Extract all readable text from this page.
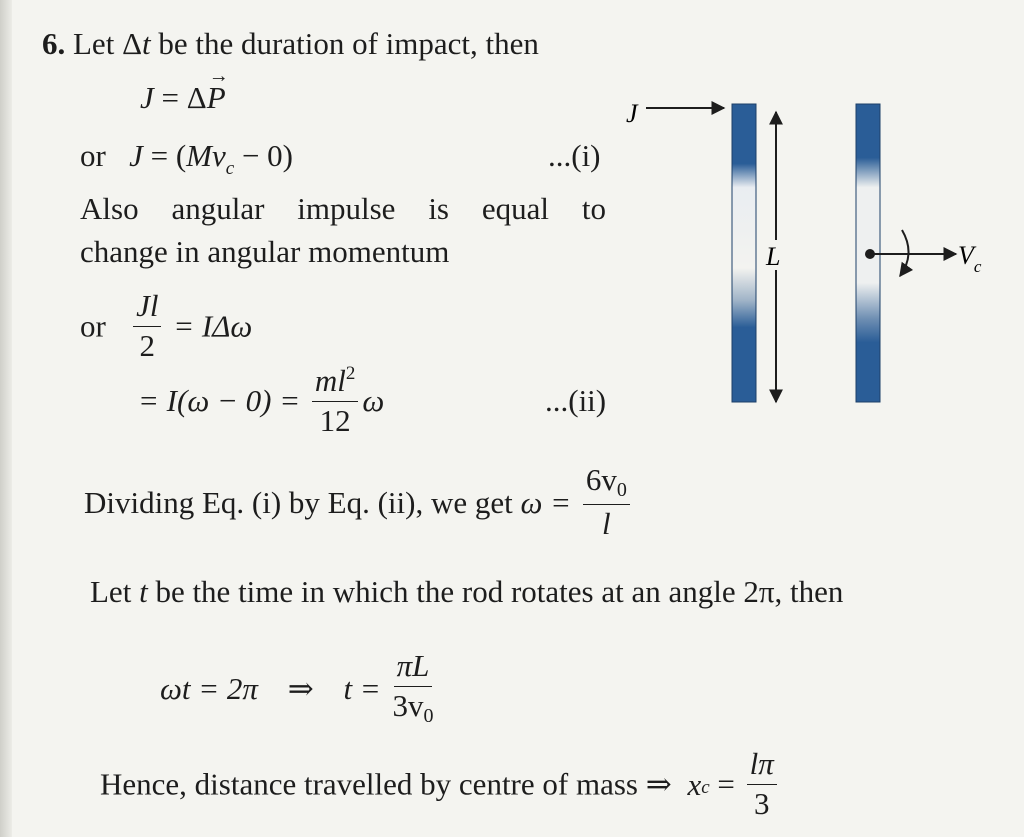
6. Let Δt be the duration of impact, then
J = Δ→ P
or $J = (Mv_c - 0)$	...(i)
Also angular impulse is equal to
change in angular momentum
or $\frac{Jl}{2} = I\Delta\omega$
= $I(\omega - 0) = \frac{ml^2}{12}$ ω	...(ii)
Dividing Eq. (i) by Eq. (ii), we get $\omega = \frac{6v0}{l}$
Let t be the time in which the rod rotates at an angle 2π, then
ωt = 2π ⇒ $t = \frac{\pi L}{3v0}$
Hence, distance travelled by centre of mass ⇒ xc = $\frac{l\pi}{3}$
J
L	$V_c$
